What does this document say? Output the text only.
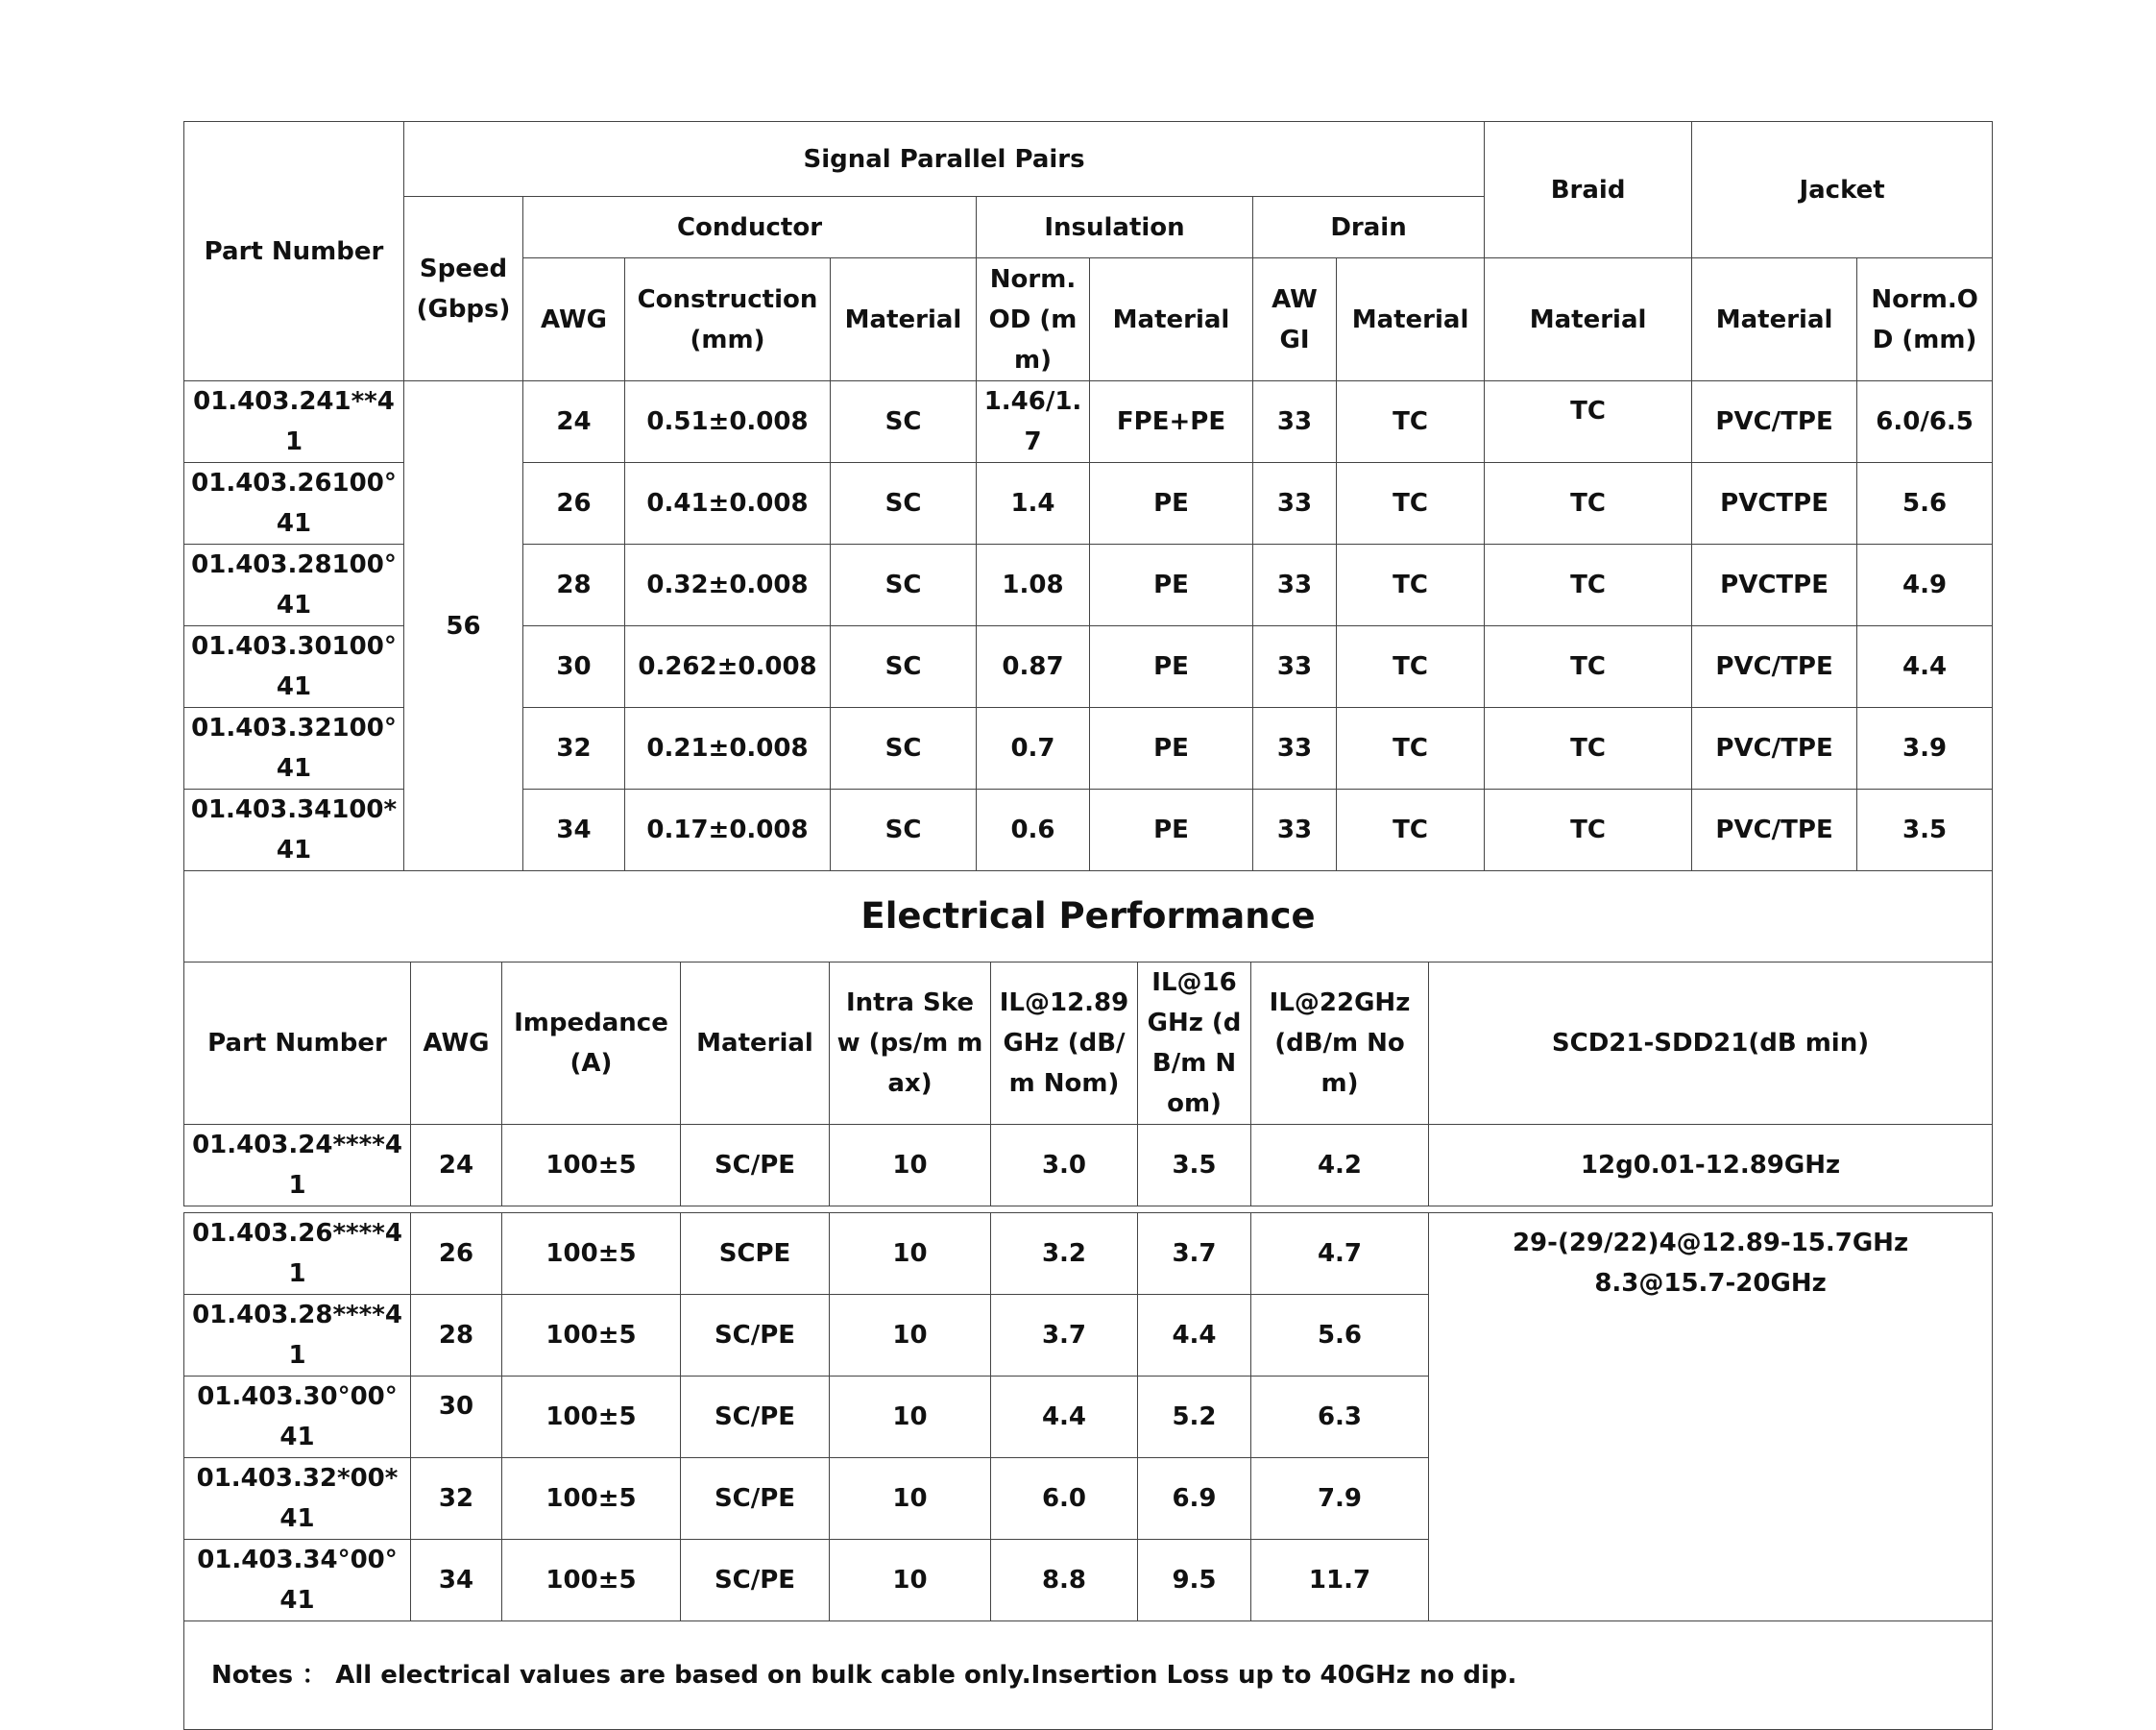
Part Number	Signal Parallel Pairs								Braid	Jacket	
	Speed (Gbps)	Conductor			Insulation		Drain				
		AWG	Construction (mm)	Material	Norm. OD (mm)	Material	AW GI	Material	Material	Material	Norm.O D (mm)
01.403.241**41	56	24	0.51±0.008	SC	1.46/1.7	FPE+PE	33	TC	TC	PVC/TPE	6.0/6.5
01.403.26100°41		26	0.41±0.008	SC	1.4	PE	33	TC	TC	PVCTPE	5.6
01.403.28100°41		28	0.32±0.008	SC	1.08	PE	33	TC	TC	PVCTPE	4.9
01.403.30100°41		30	0.262±0.008	SC	0.87	PE	33	TC	TC	PVC/TPE	4.4
01.403.32100°41		32	0.21±0.008	SC	0.7	PE	33	TC	TC	PVC/TPE	3.9
01.403.34100*41		34	0.17±0.008	SC	0.6	PE	33	TC	TC	PVC/TPE	3.5
Electrical Performance								
Part Number	AWG	Impedance (A)	Material	Intra Skew (ps/m max)	IL@12.89 GHz (dB/m Nom)	IL@16 GHz (dB/m Nom)	IL@22GHz (dB/m Nom)	SCD21-SDD21(dB min)
01.403.24****41	24	100±5	SC/PE	10	3.0	3.5	4.2	12g0.01-12.89GHz

01.403.26****41	26	100±5	SCPE	10	3.2	3.7	4.7	29-(29/22)4@12.89-15.7GHz
8.3@15.7-20GHz

01.403.28****41	28	100±5	SC/PE	10	3.7	4.4	5.6	
01.403.30°00°41	30	100±5	SC/PE	10	4.4	5.2	6.3	
01.403.32*00*41	32	100±5	SC/PE	10	6.0	6.9	7.9	
01.403.34°00°41	34	100±5	SC/PE	10	8.8	9.5	11.7	
Notes ： All electrical values are based on bulk cable only.Insertion Loss up to 40GHz no dip.								
